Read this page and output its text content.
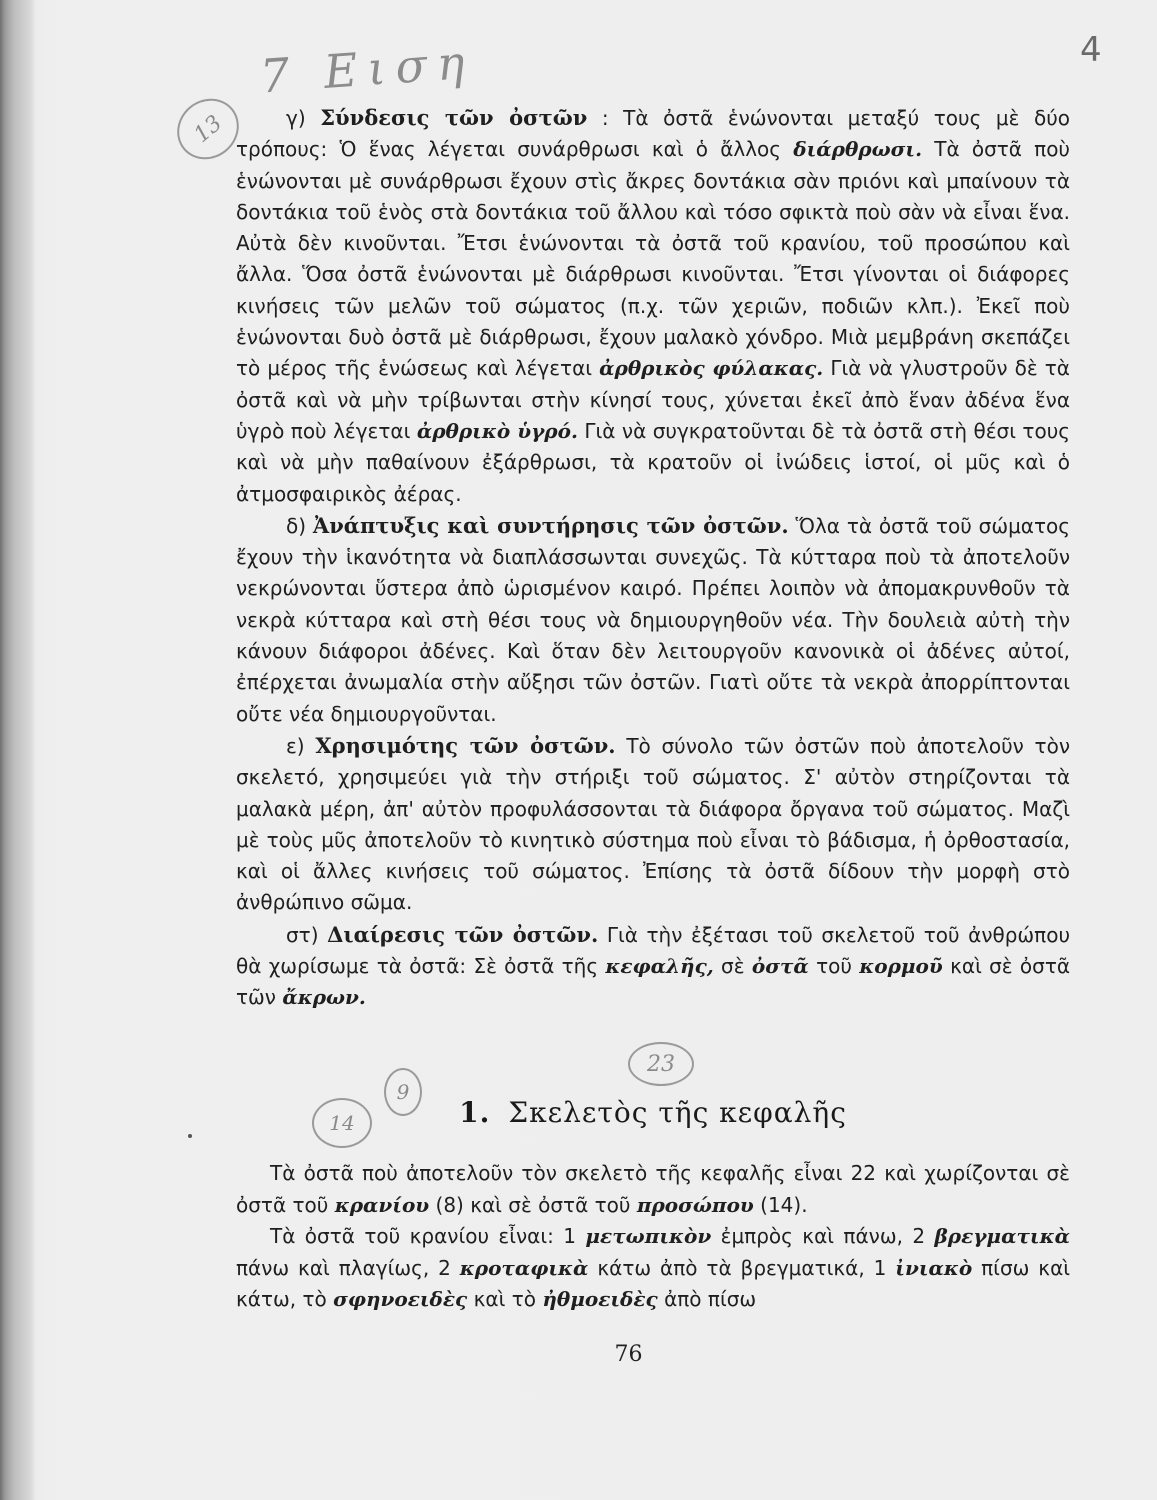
7 Ειση	4
13
23
9
14

γ) Σύνδεσις τῶν ὀστῶν : Τὰ ὀστᾶ ἑνώνονται μεταξύ τους μὲ δύο τρόπους: Ὁ ἕνας λέγεται συνάρθρωσι καὶ ὁ ἄλλος διάρθρωσι. Τὰ ὀστᾶ ποὺ ἑνώνονται μὲ συνάρθρωσι ἔχουν στὶς ἄκρες δοντάκια σὰν πριόνι καὶ μπαίνουν τὰ δοντάκια τοῦ ἑνὸς στὰ δοντάκια τοῦ ἄλλου καὶ τόσο σφικτὰ ποὺ σὰν νὰ εἶναι ἕνα. Αὐτὰ δὲν κινοῦνται. Ἔτσι ἑνώνονται τὰ ὀστᾶ τοῦ κρανίου, τοῦ προσώπου καὶ ἄλλα. Ὅσα ὀστᾶ ἑνώνονται μὲ διάρθρωσι κινοῦνται. Ἔτσι γίνονται οἱ διάφορες κινήσεις τῶν μελῶν τοῦ σώματος (π.χ. τῶν χεριῶν, ποδιῶν κλπ.). Ἐκεῖ ποὺ ἑνώνονται δυὸ ὀστᾶ μὲ διάρθρωσι, ἔχουν μαλακὸ χόνδρο. Μιὰ μεμβράνη σκεπάζει τὸ μέρος τῆς ἑνώσεως καὶ λέγεται ἀρθρικὸς φύλακας. Γιὰ νὰ γλυστροῦν δὲ τὰ ὀστᾶ καὶ νὰ μὴν τρίβωνται στὴν κίνησί τους, χύνεται ἐκεῖ ἀπὸ ἕναν ἀδένα ἕνα ὑγρὸ ποὺ λέγεται ἀρθρικὸ ὑγρό. Γιὰ νὰ συγκρατοῦνται δὲ τὰ ὀστᾶ στὴ θέσι τους καὶ νὰ μὴν παθαίνουν ἐξάρθρωσι, τὰ κρατοῦν οἱ ἰνώδεις ἱστοί, οἱ μῦς καὶ ὁ ἀτμοσφαιρικὸς ἀέρας.

δ) Ἀνάπτυξις καὶ συντήρησις τῶν ὀστῶν. Ὅλα τὰ ὀστᾶ τοῦ σώματος ἔχουν τὴν ἱκανότητα νὰ διαπλάσσωνται συνεχῶς. Τὰ κύτταρα ποὺ τὰ ἀποτελοῦν νεκρώνονται ὕστερα ἀπὸ ὡρισμένον καιρό. Πρέπει λοιπὸν νὰ ἀπομακρυνθοῦν τὰ νεκρὰ κύτταρα καὶ στὴ θέσι τους νὰ δημιουργηθοῦν νέα. Τὴν δουλειὰ αὐτὴ τὴν κάνουν διάφοροι ἀδένες. Καὶ ὅταν δὲν λειτουργοῦν κανονικὰ οἱ ἀδένες αὐτοί, ἐπέρχεται ἀνωμαλία στὴν αὔξησι τῶν ὀστῶν. Γιατὶ οὔτε τὰ νεκρὰ ἀπορρίπτονται οὔτε νέα δημιουργοῦνται.

ε) Χρησιμότης τῶν ὀστῶν. Τὸ σύνολο τῶν ὀστῶν ποὺ ἀποτελοῦν τὸν σκελετό, χρησιμεύει γιὰ τὴν στήριξι τοῦ σώματος. Σ' αὐτὸν στηρίζονται τὰ μαλακὰ μέρη, ἀπ' αὐτὸν προφυλάσσονται τὰ διάφορα ὄργανα τοῦ σώματος. Μαζὶ μὲ τοὺς μῦς ἀποτελοῦν τὸ κινητικὸ σύστημα ποὺ εἶναι τὸ βάδισμα, ἡ ὀρθοστασία, καὶ οἱ ἄλλες κινήσεις τοῦ σώματος. Ἐπίσης τὰ ὀστᾶ δίδουν τὴν μορφὴ στὸ ἀνθρώπινο σῶμα.

στ) Διαίρεσις τῶν ὀστῶν. Γιὰ τὴν ἐξέτασι τοῦ σκελετοῦ τοῦ ἀνθρώπου θὰ χωρίσωμε τὰ ὀστᾶ: Σὲ ὀστᾶ τῆς κεφαλῆς, σὲ ὀστᾶ τοῦ κορμοῦ καὶ σὲ ὀστᾶ τῶν ἄκρων.

1. Σκελετὸς τῆς κεφαλῆς

Τὰ ὀστᾶ ποὺ ἀποτελοῦν τὸν σκελετὸ τῆς κεφαλῆς εἶναι 22 καὶ χωρίζονται σὲ ὀστᾶ τοῦ κρανίου (8) καὶ σὲ ὀστᾶ τοῦ προσώπου (14).

Τὰ ὀστᾶ τοῦ κρανίου εἶναι: 1 μετωπικὸν ἐμπρὸς καὶ πάνω, 2 βρεγματικὰ πάνω καὶ πλαγίως, 2 κροταφικὰ κάτω ἀπὸ τὰ βρεγματικά, 1 ἰνιακὸ πίσω καὶ κάτω, τὸ σφηνοειδὲς καὶ τὸ ἠθμοειδὲς ἀπὸ πίσω

76
